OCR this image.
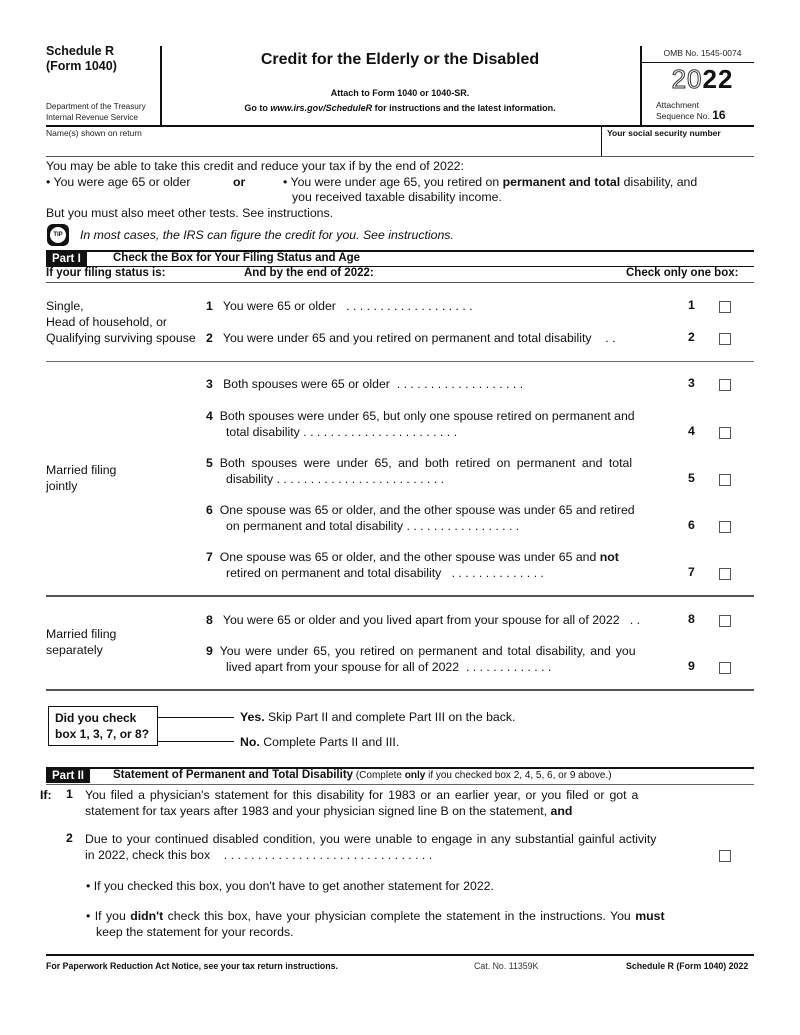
Schedule R
(Form 1040)
Department of the Treasury
Internal Revenue Service
Credit for the Elderly or the Disabled
Attach to Form 1040 or 1040-SR.
Go to www.irs.gov/ScheduleR for instructions and the latest information.
OMB No. 1545-0074
2022
Attachment
Sequence No. 16
Name(s) shown on return	Your social security number
You may be able to take this credit and reduce your tax if by the end of 2022:
• You were age 65 or older	or	• You were under age 65, you retired on permanent and total disability, and
you received taxable disability income.
But you must also meet other tests. See instructions.
TIP In most cases, the IRS can figure the credit for you. See instructions.
Part I	Check the Box for Your Filing Status and Age
If your filing status is:	And by the end of 2022:	Check only one box:
Single,
Head of household, or
Qualifying surviving spouse
1 You were 65 or older . . . . . . . . . . . . . . . . . . .	1
2 You were under 65 and you retired on permanent and total disability . .	2
Married filing
jointly
3 Both spouses were 65 or older . . . . . . . . . . . . . . . . . . .	3
4 Both spouses were under 65, but only one spouse retired on permanent and
total disability . . . . . . . . . . . . . . . . . . . . . . .	4
5 Both spouses were under 65, and both retired on permanent and total
disability . . . . . . . . . . . . . . . . . . . . . . . . .	5
6 One spouse was 65 or older, and the other spouse was under 65 and retired
on permanent and total disability . . . . . . . . . . . . . . . . .	6
7 One spouse was 65 or older, and the other spouse was under 65 and not
retired on permanent and total disability . . . . . . . . . . . . . .	7
Married filing
separately
8 You were 65 or older and you lived apart from your spouse for all of 2022 . .	8
9 You were under 65, you retired on permanent and total disability, and you
lived apart from your spouse for all of 2022 . . . . . . . . . . . . .	9
Did you check
box 1, 3, 7, or 8?
Yes. Skip Part II and complete Part III on the back.
No. Complete Parts II and III.
Part II	Statement of Permanent and Total Disability (Complete only if you checked box 2, 4, 5, 6, or 9 above.)
If: 1 You filed a physician's statement for this disability for 1983 or an earlier year, or you filed or got a
statement for tax years after 1983 and your physician signed line B on the statement, and
2 Due to your continued disabled condition, you were unable to engage in any substantial gainful activity
in 2022, check this box . . . . . . . . . . . . . . . . . . . . . . . . . . . . . . .
• If you checked this box, you don't have to get another statement for 2022.
• If you didn't check this box, have your physician complete the statement in the instructions. You must
keep the statement for your records.
For Paperwork Reduction Act Notice, see your tax return instructions.	Cat. No. 11359K	Schedule R (Form 1040) 2022
